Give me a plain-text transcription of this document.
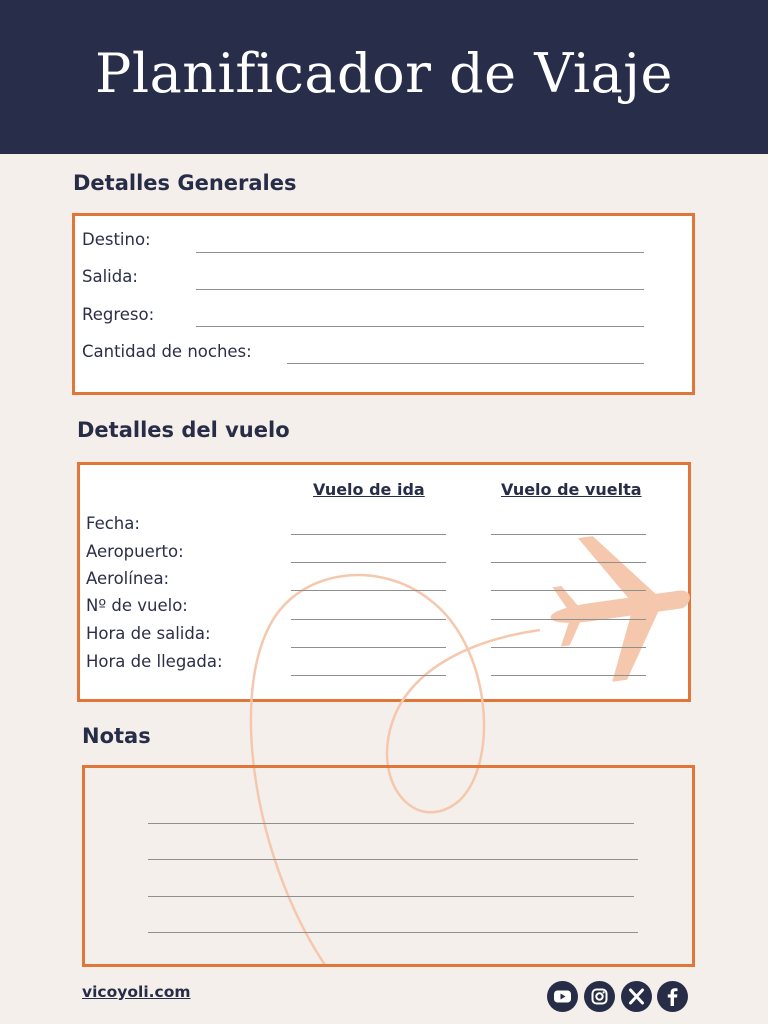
Planificador de Viaje
Detalles Generales
Destino:
Salida:
Regreso:
Cantidad de noches:
Detalles del vuelo
Vuelo de ida	Vuelo de vuelta
Fecha:
Aeropuerto:
Aerolínea:
Nº de vuelo:
Hora de salida:
Hora de llegada:
Notas
vicoyoli.com
